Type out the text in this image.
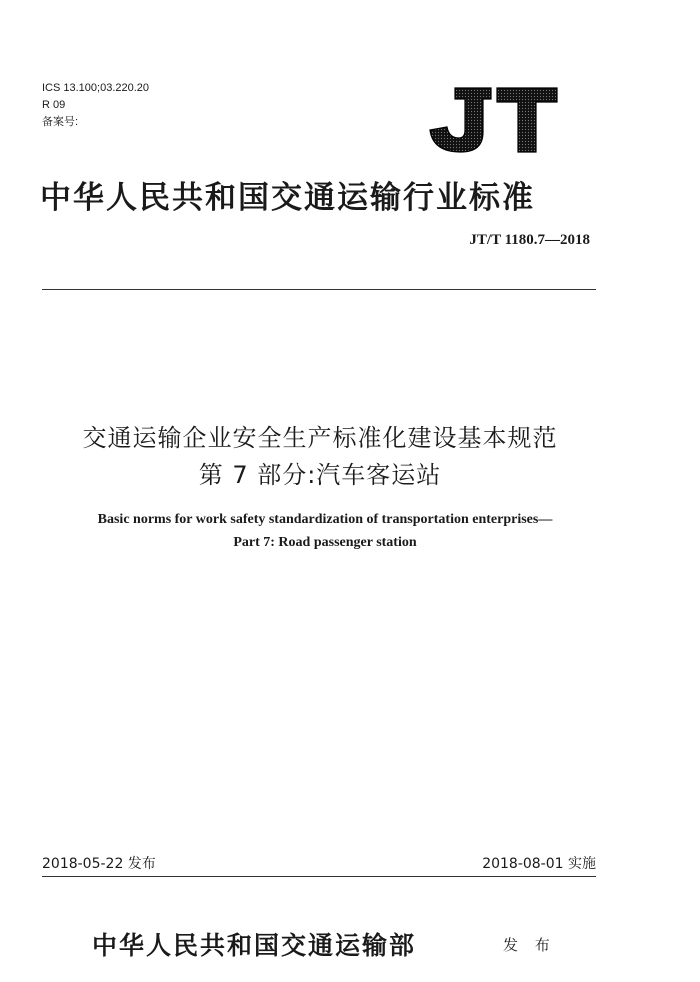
ICS 13.100;03.220.20
R 09
备案号:
中华人民共和国交通运输行业标准
JT/T 1180.7—2018
交通运输企业安全生产标准化建设基本规范
第 7 部分:汽车客运站
Basic norms for work safety standardization of transportation enterprises—
Part 7: Road passenger station
2018-05-22 发布	2018-08-01 实施
中华人民共和国交通运输部	发 布
